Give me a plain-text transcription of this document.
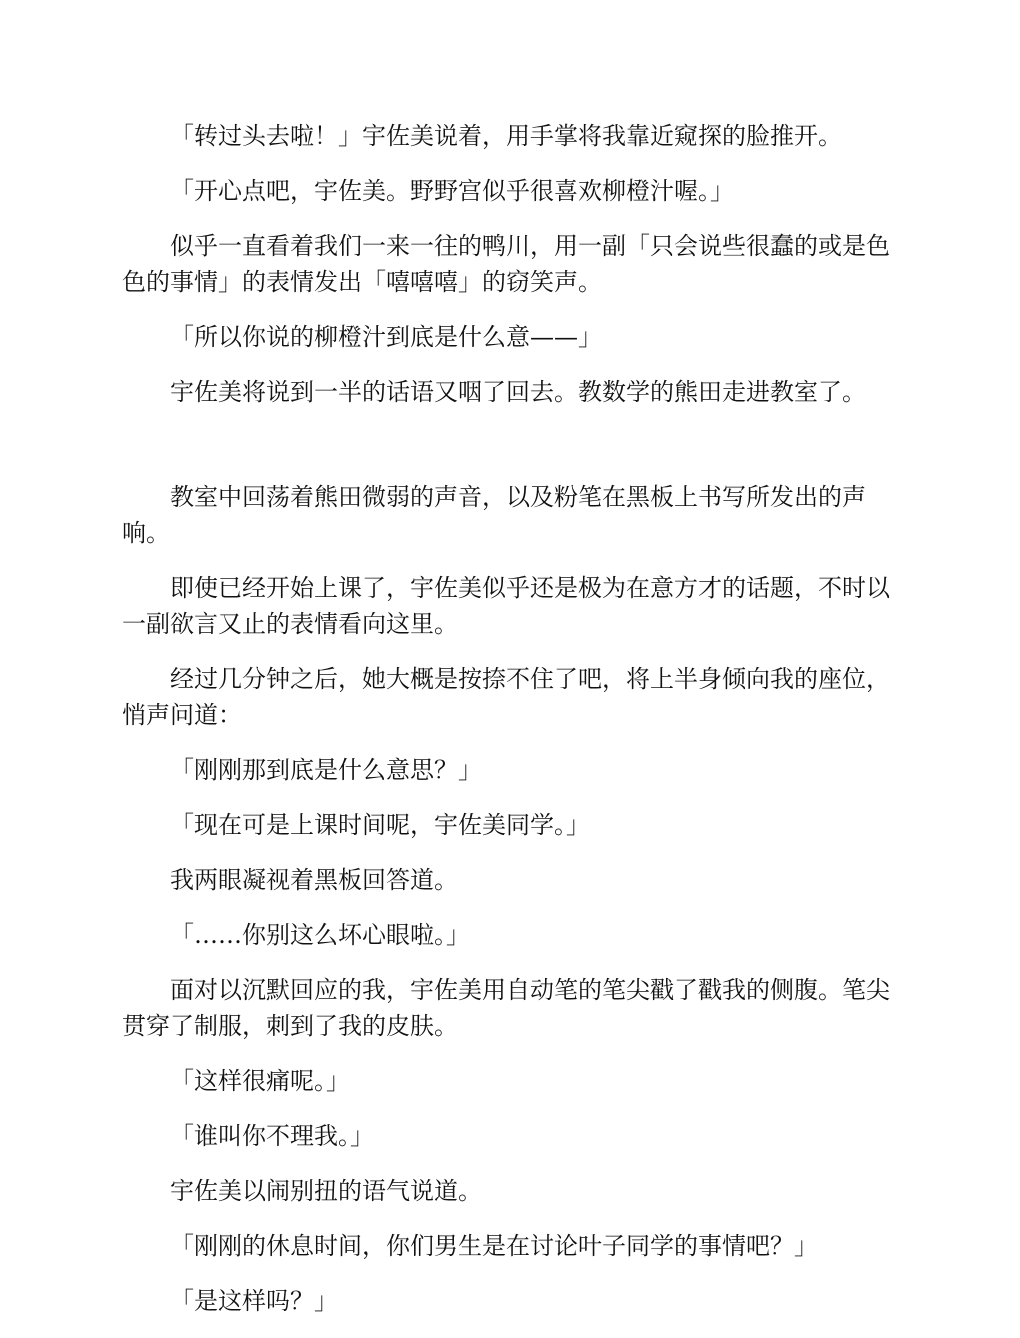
「转过头去啦！」宇佐美说着，用手掌将我靠近窥探的脸推开。

「开心点吧，宇佐美。野野宫似乎很喜欢柳橙汁喔。」

似乎一直看着我们一来一往的鸭川，用一副「只会说些很蠢的或是色色的事情」的表情发出「嘻嘻嘻」的窃笑声。

「所以你说的柳橙汁到底是什么意——」

宇佐美将说到一半的话语又咽了回去。教数学的熊田走进教室了。

教室中回荡着熊田微弱的声音，以及粉笔在黑板上书写所发出的声响。

即使已经开始上课了，宇佐美似乎还是极为在意方才的话题，不时以一副欲言又止的表情看向这里。

经过几分钟之后，她大概是按捺不住了吧，将上半身倾向我的座位，悄声问道：

「刚刚那到底是什么意思？」

「现在可是上课时间呢，宇佐美同学。」

我两眼凝视着黑板回答道。

「……你别这么坏心眼啦。」

面对以沉默回应的我，宇佐美用自动笔的笔尖戳了戳我的侧腹。笔尖贯穿了制服，刺到了我的皮肤。

「这样很痛呢。」

「谁叫你不理我。」

宇佐美以闹别扭的语气说道。

「刚刚的休息时间，你们男生是在讨论叶子同学的事情吧？」

「是这样吗？」
